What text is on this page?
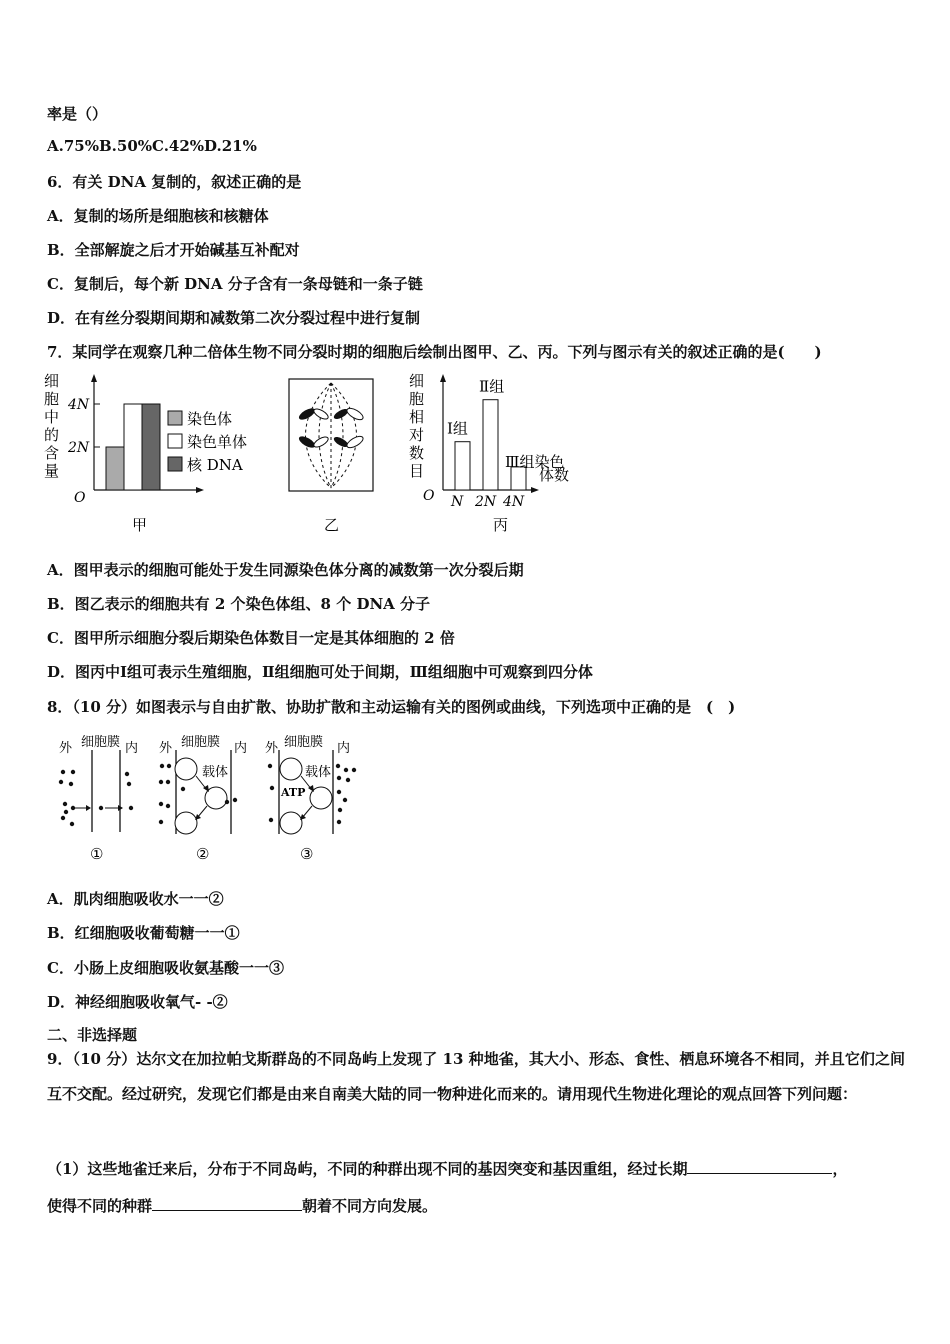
率是（）
A.75%B.50%C.42%D.21%
6．有关 DNA 复制的，叙述正确的是
A．复制的场所是细胞核和核糖体
B．全部解旋之后才开始碱基互补配对
C．复制后，每个新 DNA 分子含有一条母链和一条子链
D．在有丝分裂期间期和减数第二次分裂过程中进行复制
7．某同学在观察几种二倍体生物不同分裂时期的细胞后绘制出图甲、乙、丙。下列与图示有关的叙述正确的是(　　)
细
胞
中
的
含
量
O
2N
4N
染色体
染色单体
核 DNA
甲	乙
细
胞
相
对
数
目
O N
Ⅰ组
2N
Ⅱ组
4N
Ⅲ组染色
体数
丙
A．图甲表示的细胞可能处于发生同源染色体分离的减数第一次分裂后期
B．图乙表示的细胞共有 2 个染色体组、8 个 DNA 分子
C．图甲所示细胞分裂后期染色体数目一定是其体细胞的 2 倍
D．图丙中Ⅰ组可表示生殖细胞，Ⅱ组细胞可处于间期，Ⅲ组细胞中可观察到四分体
8．（10 分）如图表示与自由扩散、协助扩散和主动运输有关的图例或曲线，下列选项中正确的是　(　)
外 细胞膜 内
①
外 细胞膜 内
载体
②
外 细胞膜 内
载体
ATP
③
A．肌肉细胞吸收水一一②
B．红细胞吸收葡萄糖一一①
C．小肠上皮细胞吸收氨基酸一一③
D．神经细胞吸收氧气- -②
二、非选择题
9．（10 分）达尔文在加拉帕戈斯群岛的不同岛屿上发现了 13 种地雀，其大小、形态、食性、栖息环境各不相同，并且它们之间互不交配。经过研究，发现它们都是由来自南美大陆的同一物种进化而来的。请用现代生物进化理论的观点回答下列问题：
（1）这些地雀迁来后，分布于不同岛屿，不同的种群出现不同的基因突变和基因重组，经过长期	，
使得不同的种群	朝着不同方向发展。
